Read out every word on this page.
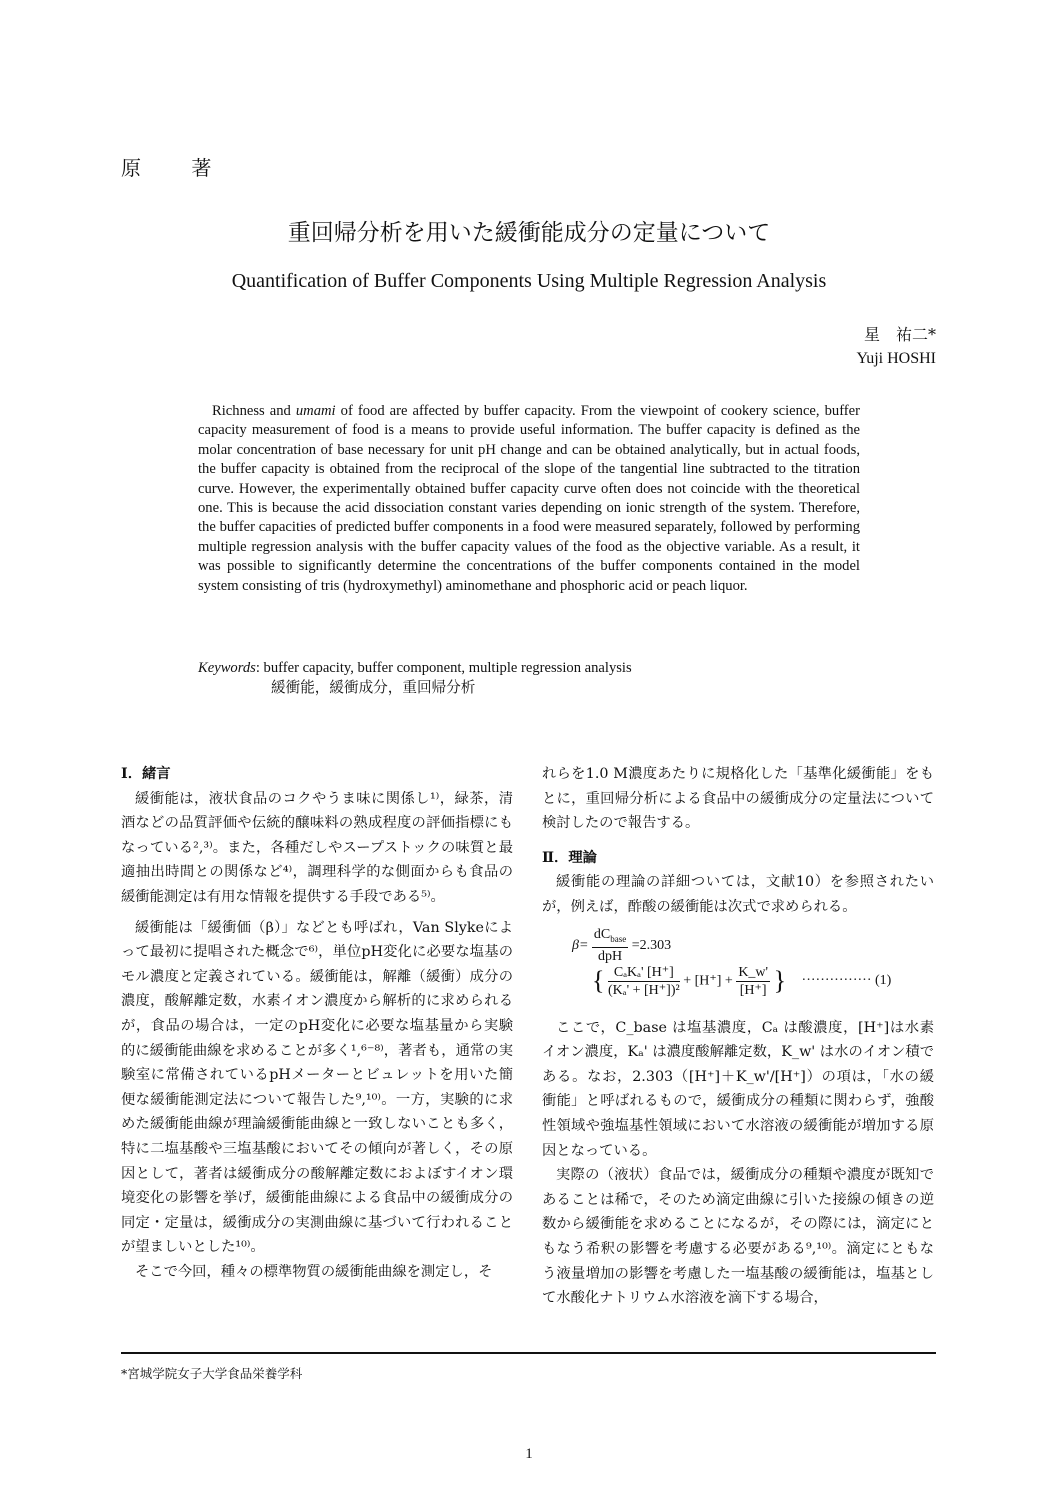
原 著
重回帰分析を用いた緩衝能成分の定量について
Quantification of Buffer Components Using Multiple Regression Analysis
星　祐二*
Yuji HOSHI

Richness and umami of food are affected by buffer capacity. From the viewpoint of cookery science, buffer capacity measurement of food is a means to provide useful information. The buffer capacity is defined as the molar concentration of base necessary for unit pH change and can be obtained analytically, but in actual foods, the buffer capacity is obtained from the reciprocal of the slope of the tangential line subtracted to the titration curve. However, the experimentally obtained buffer capacity curve often does not coincide with the theoretical one. This is because the acid dissociation constant varies depending on ionic strength of the system. Therefore, the buffer capacities of predicted buffer components in a food were measured separately, followed by performing multiple regression analysis with the buffer capacity values of the food as the objective variable. As a result, it was possible to significantly determine the concentrations of the buffer components contained in the model system consisting of tris (hydroxymethyl) aminomethane and phosphoric acid or peach liquor.

Keywords: buffer capacity, buffer component, multiple regression analysis
緩衝能，緩衝成分，重回帰分析

Ⅰ．緒言

緩衝能は，液状食品のコクやうま味に関係し¹⁾，緑茶，清酒などの品質評価や伝統的醸味料の熟成程度の評価指標にもなっている²,³⁾。また，各種だしやスープストックの味質と最適抽出時間との関係など⁴⁾，調理科学的な側面からも食品の緩衝能測定は有用な情報を提供する手段である⁵⁾。

緩衝能は「緩衝価（β）」などとも呼ばれ，Van Slykeによって最初に提唱された概念で⁶⁾，単位pH変化に必要な塩基のモル濃度と定義されている。緩衝能は，解離（緩衝）成分の濃度，酸解離定数，水素イオン濃度から解析的に求められるが，食品の場合は，一定のpH変化に必要な塩基量から実験的に緩衝能曲線を求めることが多く¹,⁶⁻⁸⁾，著者も，通常の実験室に常備されているpHメーターとビュレットを用いた簡便な緩衝能測定法について報告した⁹,¹⁰⁾。一方，実験的に求めた緩衝能曲線が理論緩衝能曲線と一致しないことも多く，特に二塩基酸や三塩基酸においてその傾向が著しく，その原因として，著者は緩衝成分の酸解離定数におよぼすイオン環境変化の影響を挙げ，緩衝能曲線による食品中の緩衝成分の同定・定量は，緩衝成分の実測曲線に基づいて行われることが望ましいとした¹⁰⁾。

そこで今回，種々の標準物質の緩衝能曲線を測定し，そ

れらを1.0 M濃度あたりに規格化した「基準化緩衝能」をもとに，重回帰分析による食品中の緩衝成分の定量法について検討したので報告する。

Ⅱ．理論

緩衝能の理論の詳細ついては，文献10）を参照されたいが，例えば，酢酸の緩衝能は次式で求められる。

$\beta= \frac{dC_{base}}{\text{dpH}} =2.303$
{ $\frac{\text{CₐKₐ' [H⁺]}}{\text{(Kₐ' + [H⁺])²}} + [H^+] + \frac{K\_w'}{[H^+]}$ } ··············· (1)

ここで，C_base は塩基濃度，Cₐ は酸濃度，[H⁺]は水素イオン濃度，Kₐ' は濃度酸解離定数，K_w' は水のイオン積である。なお，2.303（[H⁺]＋K_w'/[H⁺]）の項は，「水の緩衝能」と呼ばれるもので，緩衝成分の種類に関わらず，強酸性領域や強塩基性領域において水溶液の緩衝能が増加する原因となっている。

実際の（液状）食品では，緩衝成分の種類や濃度が既知であることは稀で，そのため滴定曲線に引いた接線の傾きの逆数から緩衝能を求めることになるが，その際には，滴定にともなう希釈の影響を考慮する必要がある⁹,¹⁰⁾。滴定にともなう液量増加の影響を考慮した一塩基酸の緩衝能は，塩基として水酸化ナトリウム水溶液を滴下する場合，

*宮城学院女子大学食品栄養学科
1
